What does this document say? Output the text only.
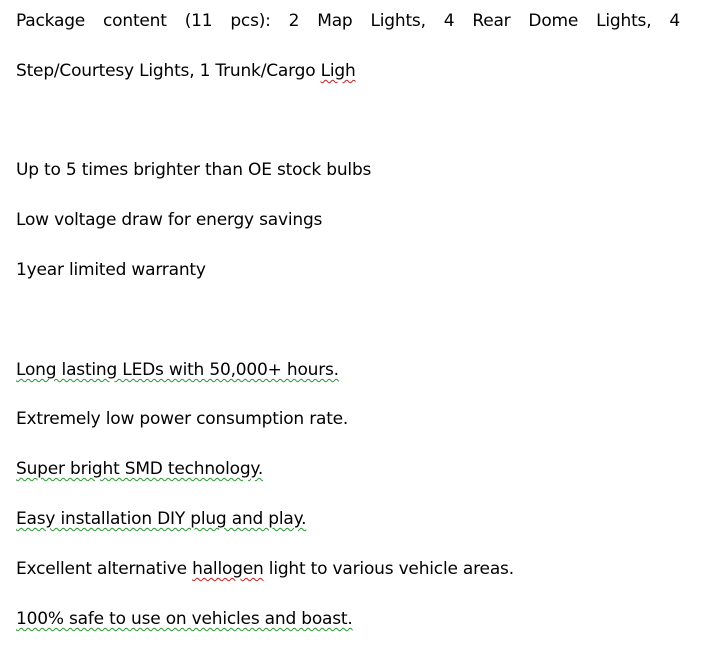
Package content (11 pcs): 2 Map Lights, 4 Rear Dome Lights, 4
Step/Courtesy Lights, 1 Trunk/Cargo Ligh
Up to 5 times brighter than OE stock bulbs
Low voltage draw for energy savings
1year limited warranty
Long lasting LEDs with 50,000+ hours.
Extremely low power consumption rate.
Super bright SMD technology.
Easy installation DIY plug and play.
Excellent alternative hallogen light to various vehicle areas.
100% safe to use on vehicles and boast.
